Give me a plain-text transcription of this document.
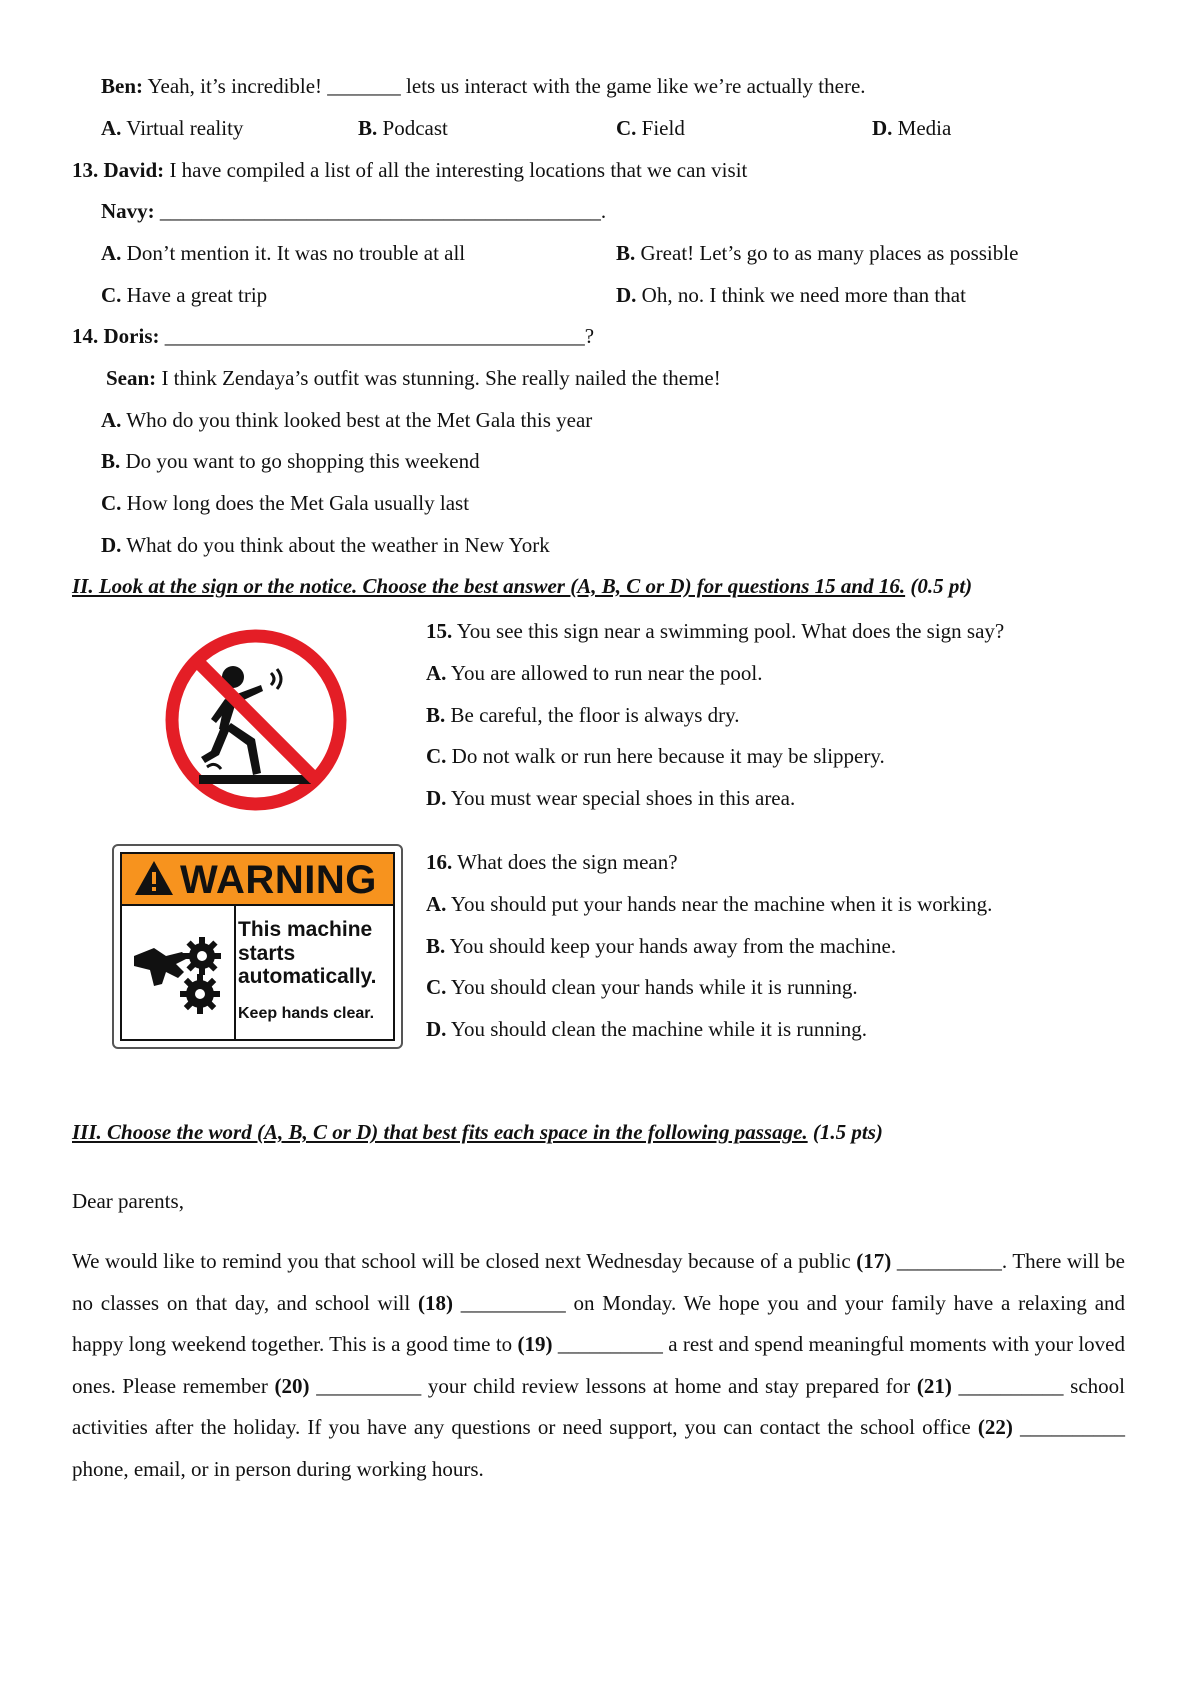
Ben: Yeah, it’s incredible! _______ lets us interact with the game like we’re actually there.
A. Virtual reality	B. Podcast	C. Field	D. Media
13. David: I have compiled a list of all the interesting locations that we can visit
Navy: __________________________________________.
A. Don’t mention it. It was no trouble at all	B. Great! Let’s go to as many places as possible
C. Have a great trip	D. Oh, no. I think we need more than that
14. Doris: ________________________________________?
Sean: I think Zendaya’s outfit was stunning. She really nailed the theme!
A. Who do you think looked best at the Met Gala this year
B. Do you want to go shopping this weekend
C. How long does the Met Gala usually last
D. What do you think about the weather in New York
II. Look at the sign or the notice. Choose the best answer (A, B, C or D) for questions 15 and 16. (0.5 pt)
15. You see this sign near a swimming pool. What does the sign say?
A. You are allowed to run near the pool.
B. Be careful, the floor is always dry.
C. Do not walk or run here because it may be slippery.
D. You must wear special shoes in this area.
WARNING
This machine
starts
automatically.
Keep hands clear.
16. What does the sign mean?
A. You should put your hands near the machine when it is working.
B. You should keep your hands away from the machine.
C. You should clean your hands while it is running.
D. You should clean the machine while it is running.
III. Choose the word (A, B, C or D) that best fits each space in the following passage. (1.5 pts)
Dear parents,
We would like to remind you that school will be closed next Wednesday because of a public (17) __________. There will be no classes on that day, and school will (18) __________ on Monday. We hope you and your family have a relaxing and happy long weekend together. This is a good time to (19) __________ a rest and spend meaningful moments with your loved ones. Please remember (20) __________ your child review lessons at home and stay prepared for (21) __________ school activities after the holiday. If you have any questions or need support, you can contact the school office (22) __________ phone, email, or in person during working hours.
